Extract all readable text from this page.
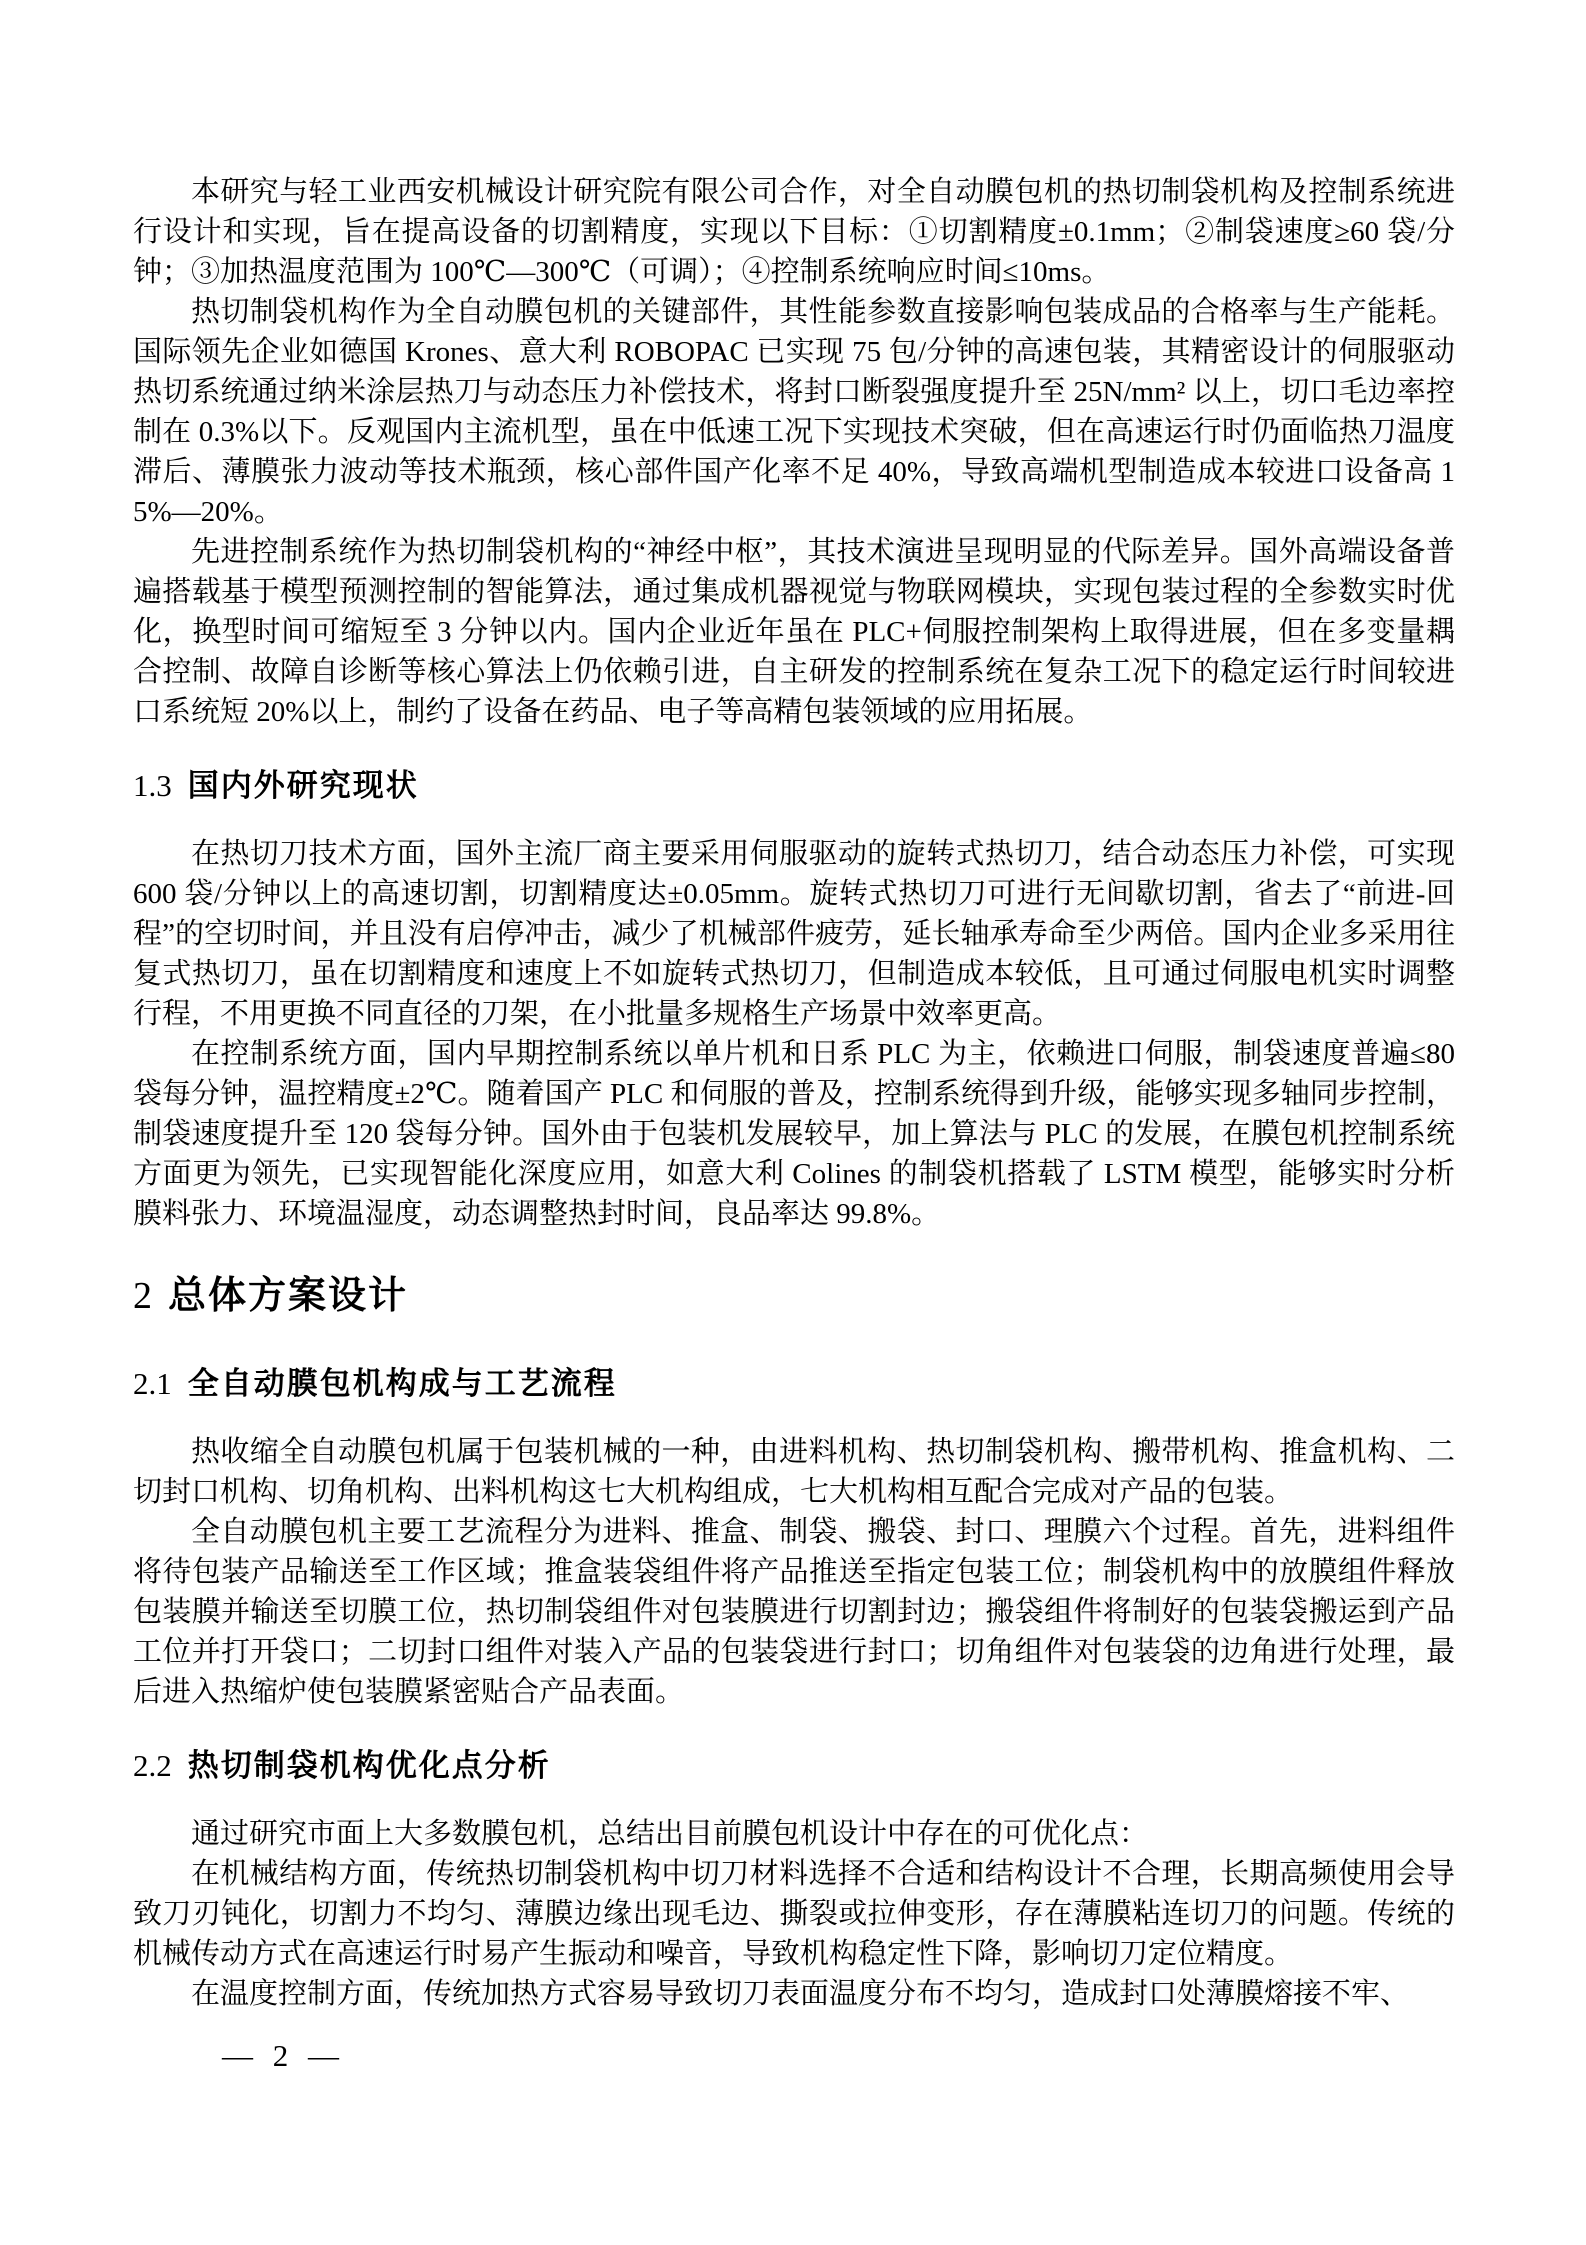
本研究与轻工业西安机械设计研究院有限公司合作，对全自动膜包机的热切制袋机构及控制系统进行设计和实现，旨在提高设备的切割精度，实现以下目标：①切割精度±0.1mm；②制袋速度≥60 袋/分钟；③加热温度范围为 100℃—300℃（可调）；④控制系统响应时间≤10ms。

热切制袋机构作为全自动膜包机的关键部件，其性能参数直接影响包装成品的合格率与生产能耗。国际领先企业如德国 Krones、意大利 ROBOPAC 已实现 75 包/分钟的高速包装，其精密设计的伺服驱动热切系统通过纳米涂层热刀与动态压力补偿技术，将封口断裂强度提升至 25N/mm² 以上，切口毛边率控制在 0.3%以下。反观国内主流机型，虽在中低速工况下实现技术突破，但在高速运行时仍面临热刀温度滞后、薄膜张力波动等技术瓶颈，核心部件国产化率不足 40%，导致高端机型制造成本较进口设备高 15%—20%。

先进控制系统作为热切制袋机构的“神经中枢”，其技术演进呈现明显的代际差异。国外高端设备普遍搭载基于模型预测控制的智能算法，通过集成机器视觉与物联网模块，实现包装过程的全参数实时优化，换型时间可缩短至 3 分钟以内。国内企业近年虽在 PLC+伺服控制架构上取得进展，但在多变量耦合控制、故障自诊断等核心算法上仍依赖引进，自主研发的控制系统在复杂工况下的稳定运行时间较进口系统短 20%以上，制约了设备在药品、电子等高精包装领域的应用拓展。

1.3 国内外研究现状

在热切刀技术方面，国外主流厂商主要采用伺服驱动的旋转式热切刀，结合动态压力补偿，可实现 600 袋/分钟以上的高速切割，切割精度达±0.05mm。旋转式热切刀可进行无间歇切割，省去了“前进-回程”的空切时间，并且没有启停冲击，减少了机械部件疲劳，延长轴承寿命至少两倍。国内企业多采用往复式热切刀，虽在切割精度和速度上不如旋转式热切刀，但制造成本较低，且可通过伺服电机实时调整行程，不用更换不同直径的刀架，在小批量多规格生产场景中效率更高。

在控制系统方面，国内早期控制系统以单片机和日系 PLC 为主，依赖进口伺服，制袋速度普遍≤80 袋每分钟，温控精度±2℃。随着国产 PLC 和伺服的普及，控制系统得到升级，能够实现多轴同步控制，制袋速度提升至 120 袋每分钟。国外由于包装机发展较早，加上算法与 PLC 的发展，在膜包机控制系统方面更为领先，已实现智能化深度应用，如意大利 Colines 的制袋机搭载了 LSTM 模型，能够实时分析膜料张力、环境温湿度，动态调整热封时间，良品率达 99.8%。

2 总体方案设计
2.1 全自动膜包机构成与工艺流程

热收缩全自动膜包机属于包装机械的一种，由进料机构、热切制袋机构、搬带机构、推盒机构、二切封口机构、切角机构、出料机构这七大机构组成，七大机构相互配合完成对产品的包装。

全自动膜包机主要工艺流程分为进料、推盒、制袋、搬袋、封口、理膜六个过程。首先，进料组件将待包装产品输送至工作区域；推盒装袋组件将产品推送至指定包装工位；制袋机构中的放膜组件释放包装膜并输送至切膜工位，热切制袋组件对包装膜进行切割封边；搬袋组件将制好的包装袋搬运到产品工位并打开袋口；二切封口组件对装入产品的包装袋进行封口；切角组件对包装袋的边角进行处理，最后进入热缩炉使包装膜紧密贴合产品表面。

2.2 热切制袋机构优化点分析

通过研究市面上大多数膜包机，总结出目前膜包机设计中存在的可优化点：

在机械结构方面，传统热切制袋机构中切刀材料选择不合适和结构设计不合理，长期高频使用会导致刀刃钝化，切割力不均匀、薄膜边缘出现毛边、撕裂或拉伸变形，存在薄膜粘连切刀的问题。传统的机械传动方式在高速运行时易产生振动和噪音，导致机构稳定性下降，影响切刀定位精度。

在温度控制方面，传统加热方式容易导致切刀表面温度分布不均匀，造成封口处薄膜熔接不牢、

— 2 —
